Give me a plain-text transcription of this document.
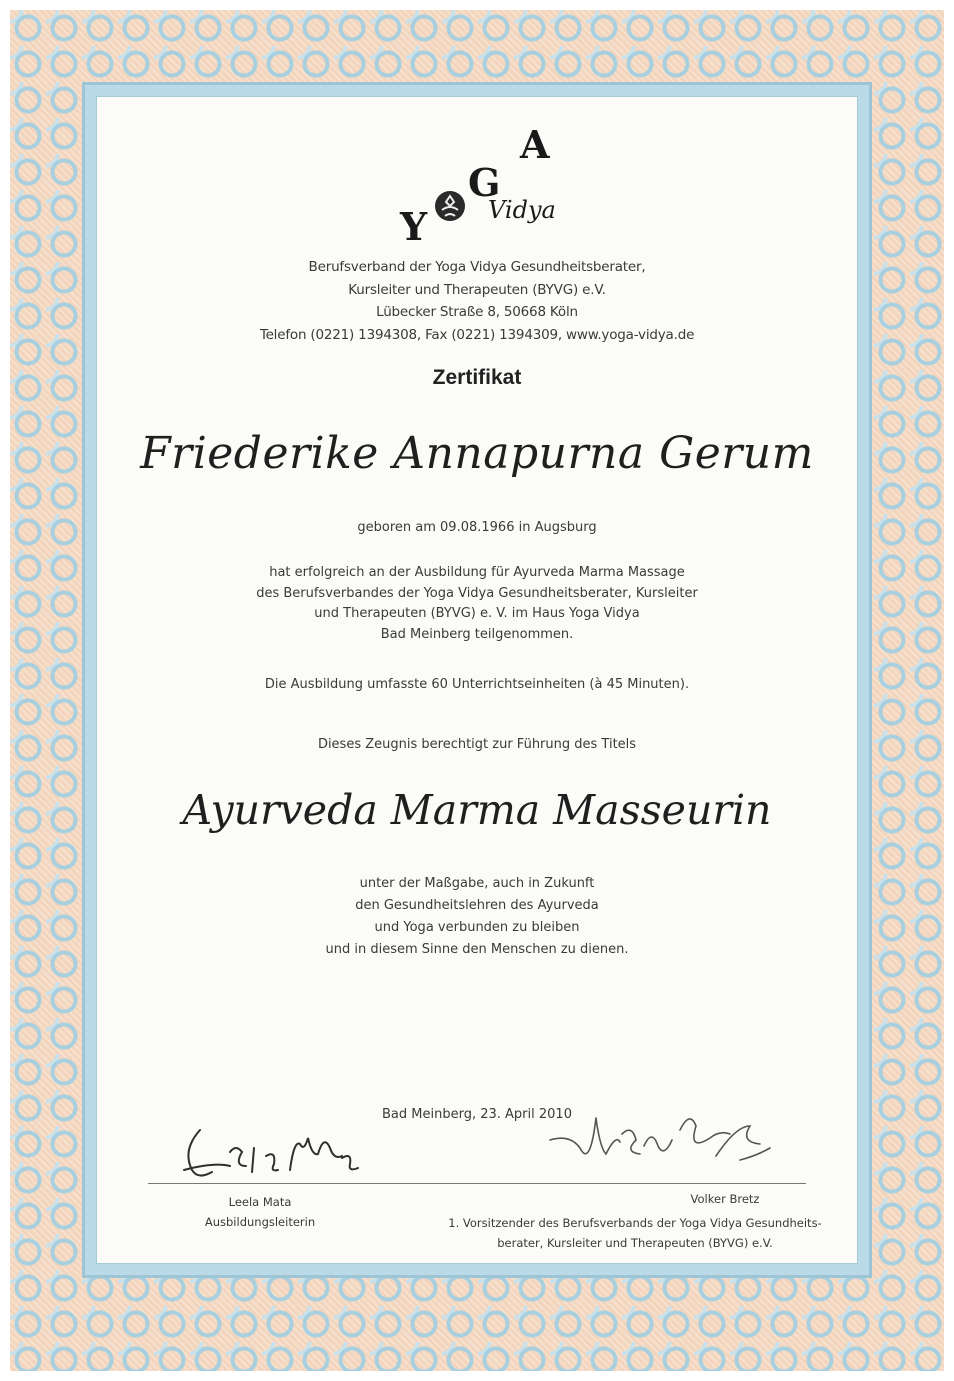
Y
G
A
Vidya
Berufsverband der Yoga Vidya Gesundheitsberater,
Kursleiter und Therapeuten (BYVG) e.V.
Lübecker Straße 8, 50668 Köln
Telefon (0221) 1394308, Fax (0221) 1394309, www.yoga-vidya.de
Zertifikat
Friederike Annapurna Gerum
geboren am 09.08.1966 in Augsburg
hat erfolgreich an der Ausbildung für Ayurveda Marma Massage
des Berufsverbandes der Yoga Vidya Gesundheitsberater, Kursleiter
und Therapeuten (BYVG) e. V. im Haus Yoga Vidya
Bad Meinberg teilgenommen.
Die Ausbildung umfasste 60 Unterrichtseinheiten (à 45 Minuten).
Dieses Zeugnis berechtigt zur Führung des Titels
Ayurveda Marma Masseurin
unter der Maßgabe, auch in Zukunft
den Gesundheitslehren des Ayurveda
und Yoga verbunden zu bleiben
und in diesem Sinne den Menschen zu dienen.
Bad Meinberg, 23. April 2010
Leela Mata
Ausbildungsleiterin
Volker Bretz
1. Vorsitzender des Berufsverbands der Yoga Vidya Gesundheits-
berater, Kursleiter und Therapeuten (BYVG) e.V.
